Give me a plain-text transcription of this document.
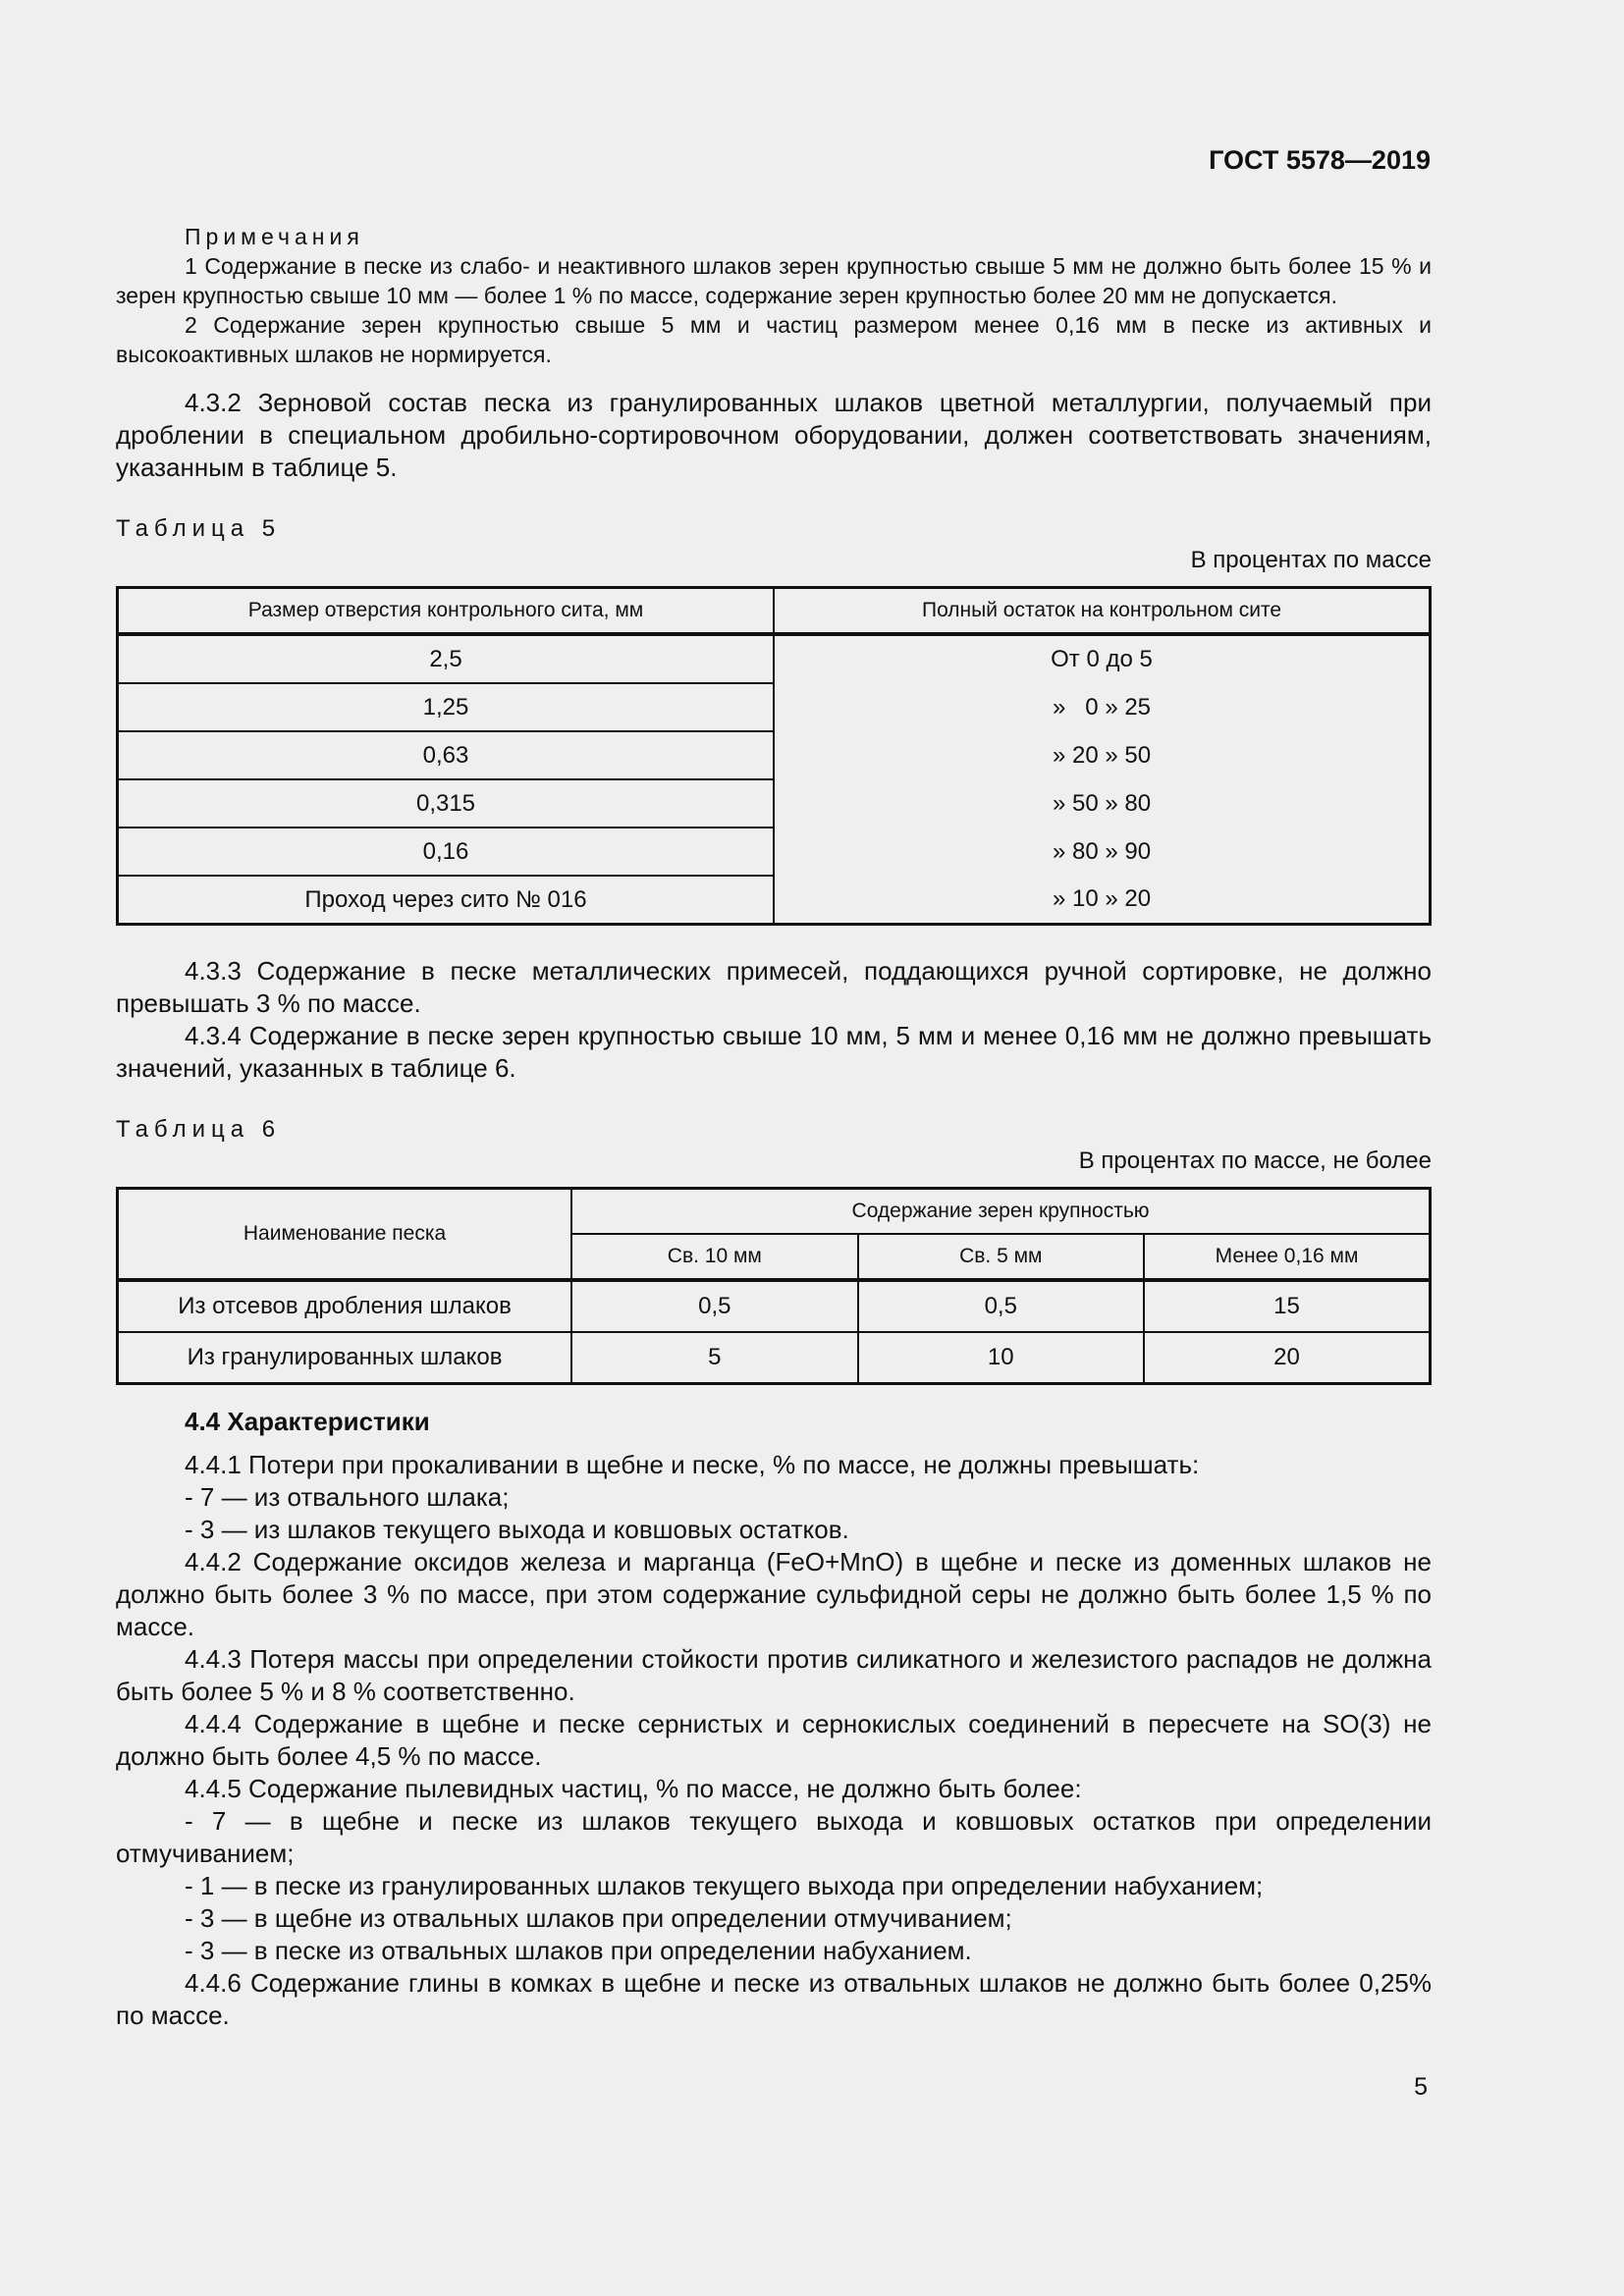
ГОСТ 5578—2019
Примечания

1 Содержание в песке из слабо- и неактивного шлаков зерен крупностью свыше 5 мм не должно быть более 15 % и зерен крупностью свыше 10 мм — более 1 % по массе, содержание зерен крупностью более 20 мм не допускается.

2 Содержание зерен крупностью свыше 5 мм и частиц размером менее 0,16 мм в песке из активных и высокоактивных шлаков не нормируется.

4.3.2 Зерновой состав песка из гранулированных шлаков цветной металлургии, получаемый при дроблении в специальном дробильно-сортировочном оборудовании, должен соответствовать значениям, указанным в таблице 5.

Таблица 5
В процентах по массе
Размер отверстия контрольного сита, мм	Полный остаток на контрольном сите
2,5	От 0 до 5
1,25	»   0 » 25
0,63	» 20 » 50
0,315	» 50 » 80
0,16	» 80 » 90
Проход через сито № 016	» 10 » 20

4.3.3 Содержание в песке металлических примесей, поддающихся ручной сортировке, не должно превышать 3 % по массе.

4.3.4 Содержание в песке зерен крупностью свыше 10 мм, 5 мм и менее 0,16 мм не должно превышать значений, указанных в таблице 6.

Таблица 6
В процентах по массе, не более
Наименование песка	Содержание зерен крупностью		
	Св. 10 мм	Св. 5 мм	Менее 0,16 мм
Из отсевов дробления шлаков	0,5	0,5	15
Из гранулированных шлаков	5	10	20
4.4 Характеристики

4.4.1 Потери при прокаливании в щебне и песке, % по массе, не должны превышать:

- 7 — из отвального шлака;

- 3 — из шлаков текущего выхода и ковшовых остатков.

4.4.2 Содержание оксидов железа и марганца (FeO+MnO) в щебне и песке из доменных шлаков не должно быть более 3 % по массе, при этом содержание сульфидной серы не должно быть более 1,5 % по массе.

4.4.3 Потеря массы при определении стойкости против силикатного и железистого распадов не должна быть более 5 % и 8 % соответственно.

4.4.4 Содержание в щебне и песке сернистых и сернокислых соединений в пересчете на SO(3) не должно быть более 4,5 % по массе.

4.4.5 Содержание пылевидных частиц, % по массе, не должно быть более:

- 7 — в щебне и песке из шлаков текущего выхода и ковшовых остатков при определении отмучиванием;

- 1 — в песке из гранулированных шлаков текущего выхода при определении набуханием;

- 3 — в щебне из отвальных шлаков при определении отмучиванием;

- 3 — в песке из отвальных шлаков при определении набуханием.

4.4.6 Содержание глины в комках в щебне и песке из отвальных шлаков не должно быть более 0,25% по массе.

5
